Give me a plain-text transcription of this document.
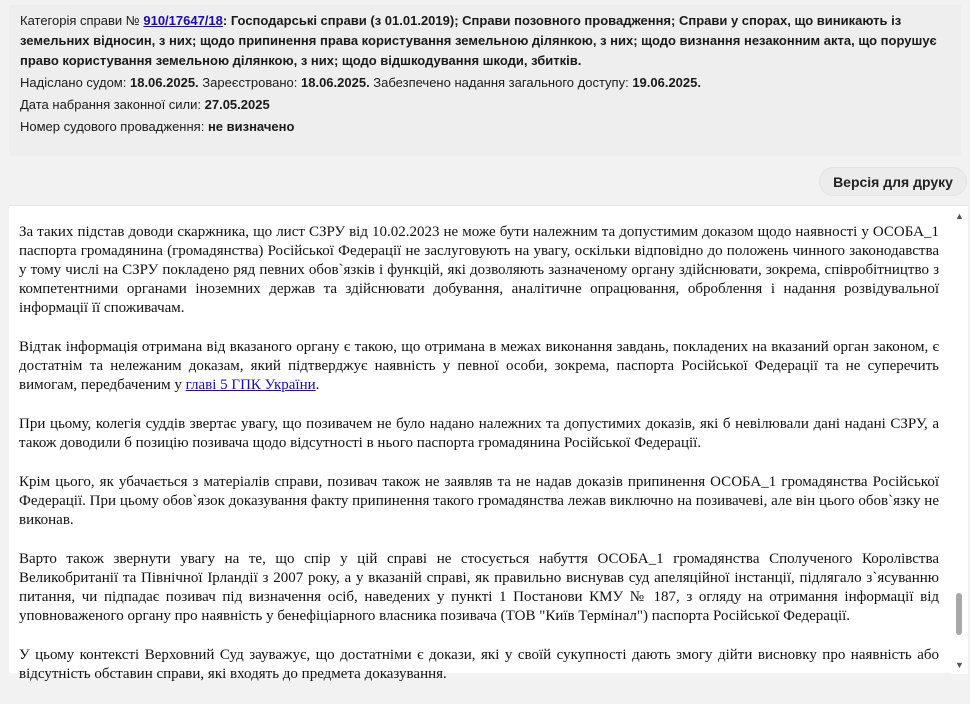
Категорія справи № 910/17647/18: Господарські справи (з 01.01.2019); Справи позовного провадження; Справи у спорах, що виникають із земельних відносин, з них; щодо припинення права користування земельною ділянкою, з них; щодо визнання незаконним акта, що порушує право користування земельною ділянкою, з них; щодо відшкодування шкоди, збитків.
Надіслано судом: 18.06.2025. Зареєстровано: 18.06.2025. Забезпечено надання загального доступу: 19.06.2025.
Дата набрання законної сили: 27.05.2025
Номер судового провадження: не визначено
Версія для друку

За таких підстав доводи скаржника, що лист СЗРУ від 10.02.2023 не може бути належним та допустимим доказом щодо наявності у ОСОБА_1 паспорта громадянина (громадянства) Російської Федерації не заслуговують на увагу, оскільки відповідно до положень чинного законодавства у тому числі на СЗРУ покладено ряд певних обов`язків і функцій, які дозволяють зазначеному органу здійснювати, зокрема, співробітництво з компетентними органами іноземних держав та здійснювати добування, аналітичне опрацювання, оброблення і надання розвідувальної інформації її споживачам.

Відтак інформація отримана від вказаного органу є такою, що отримана в межах виконання завдань, покладених на вказаний орган законом, є достатнім та нележаним доказам, який підтверджує наявність у певної особи, зокрема, паспорта Російської Федерації та не суперечить вимогам, передбаченим у главі 5 ГПК України.

При цьому, колегія суддів звертає увагу, що позивачем не було надано належних та допустимих доказів, які б невілювали дані надані СЗРУ, а також доводили б позицію позивача щодо відсутності в нього паспорта громадянина Російської Федерації.

Крім цього, як убачається з матеріалів справи, позивач також не заявляв та не надав доказів припинення ОСОБА_1 громадянства Російської Федерації. При цьому обов`язок доказування факту припинення такого громадянства лежав виключно на позивачеві, але він цього обов`язку не виконав.

Варто також звернути увагу на те, що спір у цій справі не стосується набуття ОСОБА_1 громадянства Сполученого Королівства Великобританії та Північної Ірландії з 2007 року, а у вказаній справі, як правильно виснував суд апеляційної інстанції, підлягало з`ясуванню питання, чи підпадає позивач під визначення осіб, наведених у пункті 1 Постанови КМУ № 187, з огляду на отримання інформації від уповноваженого органу про наявність у бенефіціарного власника позивача (ТОВ "Київ Термінал") паспорта Російської Федерації.

У цьому контексті Верховний Суд зауважує, що достатніми є докази, які у своїй сукупності дають змогу дійти висновку про наявність або відсутність обставин справи, які входять до предмета доказування.

▲
▼
